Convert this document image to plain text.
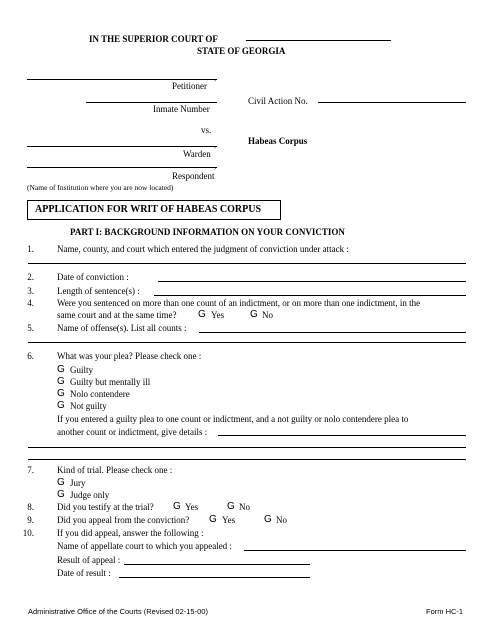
IN THE SUPERIOR COURT OF
STATE OF GEORGIA
,
Petitioner
Inmate Number
vs.
,
Warden
,
Respondent
(Name of Institution where you are now located)
Civil Action No.
Habeas Corpus
APPLICATION FOR WRIT OF HABEAS CORPUS
PART I: BACKGROUND INFORMATION ON YOUR CONVICTION
1.	Name, county, and court which entered the judgment of conviction under attack :
2.	Date of conviction :
3.	Length of sentence(s) :
4.	Were you sentenced on more than one count of an indictment, or on more than one indictment, in the
same court and at the same time? G Yes	G No
5.	Name of offense(s). List all counts :
6.	What was your plea? Please check one :
G Guilty
G Guilty but mentally ill
G Nolo contendere
G Not guilty
If you entered a guilty plea to one count or indictment, and a not guilty or nolo contendere plea to
another count or indictment, give details :
7.	Kind of trial. Please check one :
G Jury
G Judge only
8.	Did you testify at the trial? G Yes	G No
9.	Did you appeal from the conviction? G Yes	G No
10.	If you did appeal, answer the following :
Name of appellate court to which you appealed :
Result of appeal :
Date of result :
Administrative Office of the Courts (Revised 02-15-00)	Form HC-1
